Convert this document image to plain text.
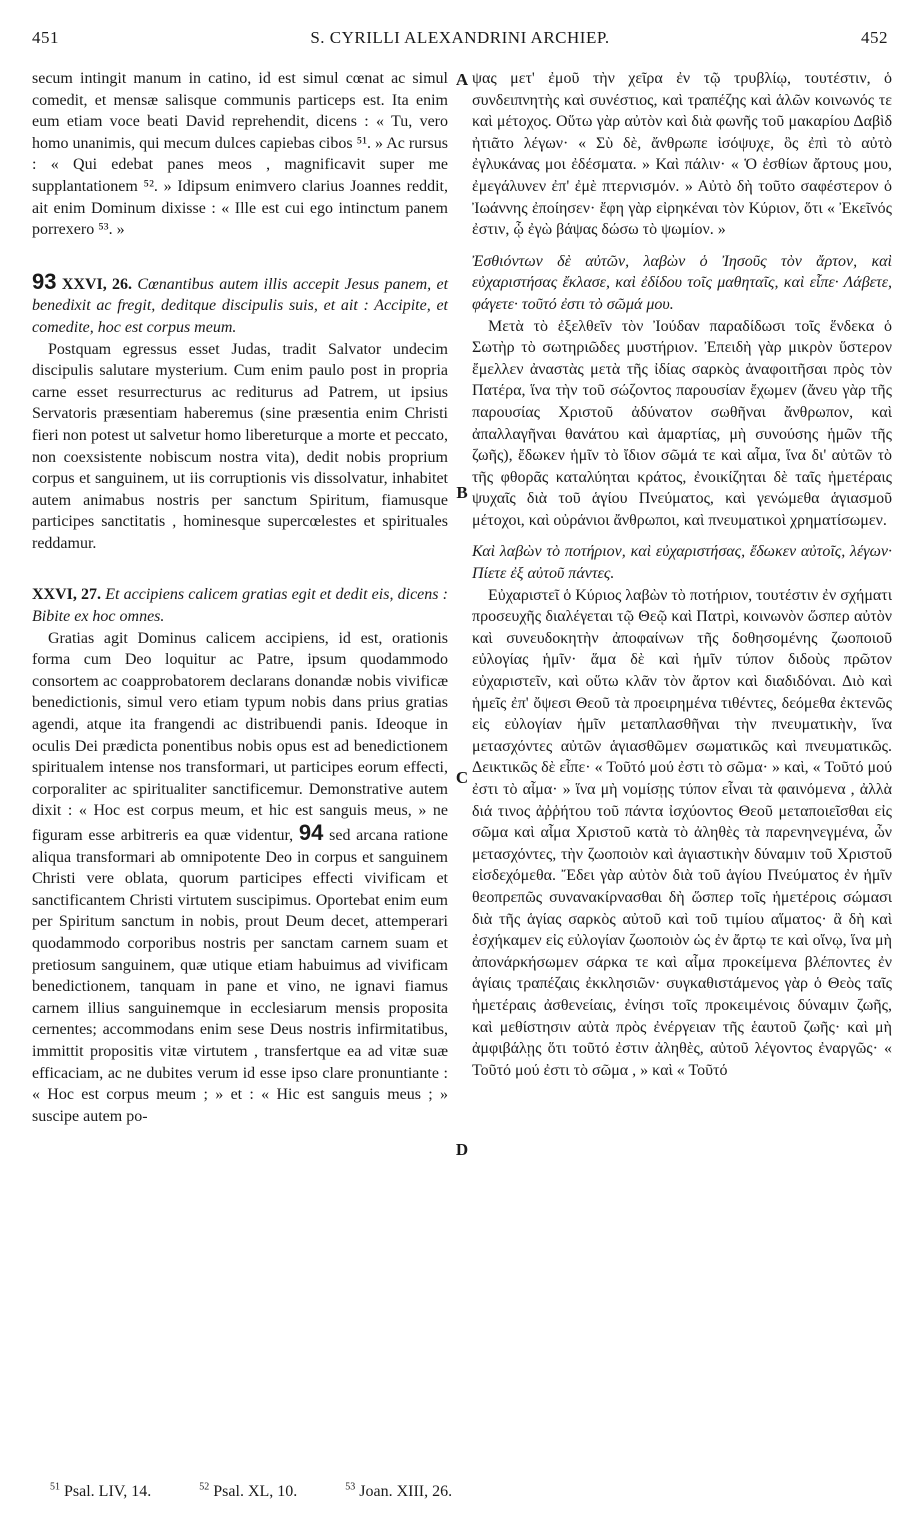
451	S. CYRILLI ALEXANDRINI ARCHIEP.	452

secum intingit manum in catino, id est simul cœnat ac simul comedit, et mensæ salisque communis particeps est. Ita enim eum etiam voce beati David reprehendit, dicens : « Tu, vero homo unanimis, qui mecum dulces capiebas cibos ⁵¹. » Ac rursus : « Qui edebat panes meos , magnificavit super me supplantationem ⁵². » Idipsum enimvero clarius Joannes reddit, ait enim Dominum dixisse : « Ille est cui ego intinctum panem porrexero ⁵³. »

93 XXVI, 26. Cœnantibus autem illis accepit Jesus panem, et benedixit ac fregit, deditque discipulis suis, et ait : Accipite, et comedite, hoc est corpus meum.

Postquam egressus esset Judas, tradit Salvator undecim discipulis salutare mysterium. Cum enim paulo post in propria carne esset resurrecturus ac rediturus ad Patrem, ut ipsius Servatoris præsentiam haberemus (sine præsentia enim Christi fieri non potest ut salvetur homo libereturque a morte et peccato, non coexsistente nobiscum nostra vita), dedit nobis proprium corpus et sanguinem, ut iis corruptionis vis dissolvatur, inhabitet autem animabus nostris per sanctum Spiritum, fiamusque participes sanctitatis , hominesque supercœlestes et spirituales reddamur.

XXVI, 27. Et accipiens calicem gratias egit et dedit eis, dicens : Bibite ex hoc omnes.

Gratias agit Dominus calicem accipiens, id est, orationis forma cum Deo loquitur ac Patre, ipsum quodammodo consortem ac coapprobatorem declarans donandæ nobis vivificæ benedictionis, simul vero etiam typum nobis dans prius gratias agendi, atque ita frangendi ac distribuendi panis. Ideoque in oculis Dei prædicta ponentibus nobis opus est ad benedictionem spiritualem intense nos transformari, ut participes eorum effecti, corporaliter ac spiritualiter sanctificemur. Demonstrative autem dixit : « Hoc est corpus meum, et hic est sanguis meus, » ne figuram esse arbitreris ea quæ videntur, 94 sed arcana ratione aliqua transformari ab omnipotente Deo in corpus et sanguinem Christi vere oblata, quorum participes effecti vivificam et sanctificantem Christi virtutem suscipimus. Oportebat enim eum per Spiritum sanctum in nobis, prout Deum decet, attemperari quodammodo corporibus nostris per sanctam carnem suam et pretiosum sanguinem, quæ utique etiam habuimus ad vivificam benedictionem, tanquam in pane et vino, ne ignavi fiamus carnem illius sanguinemque in ecclesiarum mensis proposita cernentes; accommodans enim sese Deus nostris infirmitatibus, immittit propositis vitæ virtutem , transfertque ea ad vitæ suæ efficaciam, ac ne dubites verum id esse ipso clare pronuntiante : « Hoc est corpus meum ; » et : « Hic est sanguis meus ; » suscipe autem po-

A
B
C
D

ψας μετ' ἐμοῦ τὴν χεῖρα ἐν τῷ τρυβλίῳ, τουτέστιν, ὁ συνδειπνητὴς καὶ συνέστιος, καὶ τραπέζης καὶ ἁλῶν κοινωνός τε καὶ μέτοχος. Οὕτω γὰρ αὐτὸν καὶ διὰ φωνῆς τοῦ μακαρίου Δαβὶδ ἠτιᾶτο λέγων· « Σὺ δὲ, ἄνθρωπε ἰσόψυχε, ὃς ἐπὶ τὸ αὐτὸ ἐγλυκάνας μοι ἐδέσματα. » Καὶ πάλιν· « Ὁ ἐσθίων ἄρτους μου, ἐμεγάλυνεν ἐπ' ἐμὲ πτερνισμόν. » Αὐτὸ δὴ τοῦτο σαφέστερον ὁ Ἰωάννης ἐποίησεν· ἔφη γὰρ εἰρηκέναι τὸν Κύριον, ὅτι « Ἐκεῖνός ἐστιν, ᾧ ἐγὼ βάψας δώσω τὸ ψωμίον. »

Ἐσθιόντων δὲ αὐτῶν, λαβὼν ὁ Ἰησοῦς τὸν ἄρτον, καὶ εὐχαριστήσας ἔκλασε, καὶ ἐδίδου τοῖς μαθηταῖς, καὶ εἶπε· Λάβετε, φάγετε· τοῦτό ἐστι τὸ σῶμά μου.

Μετὰ τὸ ἐξελθεῖν τὸν Ἰούδαν παραδίδωσι τοῖς ἕνδεκα ὁ Σωτὴρ τὸ σωτηριῶδες μυστήριον. Ἐπειδὴ γὰρ μικρὸν ὕστερον ἔμελλεν ἀναστὰς μετὰ τῆς ἰδίας σαρκὸς ἀναφοιτῆσαι πρὸς τὸν Πατέρα, ἵνα τὴν τοῦ σώζοντος παρουσίαν ἔχωμεν (ἄνευ γὰρ τῆς παρουσίας Χριστοῦ ἀδύνατον σωθῆναι ἄνθρωπον, καὶ ἀπαλλαγῆναι θανάτου καὶ ἁμαρτίας, μὴ συνούσης ἡμῶν τῆς ζωῆς), ἔδωκεν ἡμῖν τὸ ἴδιον σῶμά τε καὶ αἷμα, ἵνα δι' αὐτῶν τὸ τῆς φθορᾶς καταλύηται κράτος, ἐνοικίζηται δὲ ταῖς ἡμετέραις ψυχαῖς διὰ τοῦ ἁγίου Πνεύματος, καὶ γενώμεθα ἁγιασμοῦ μέτοχοι, καὶ οὐράνιοι ἄνθρωποι, καὶ πνευματικοὶ χρηματίσωμεν.

Καὶ λαβὼν τὸ ποτήριον, καὶ εὐχαριστήσας, ἔδωκεν αὐτοῖς, λέγων· Πίετε ἐξ αὐτοῦ πάντες.

Εὐχαριστεῖ ὁ Κύριος λαβὼν τὸ ποτήριον, τουτέστιν ἐν σχήματι προσευχῆς διαλέγεται τῷ Θεῷ καὶ Πατρὶ, κοινωνὸν ὥσπερ αὐτὸν καὶ συνευδοκητὴν ἀποφαίνων τῆς δοθησομένης ζωοποιοῦ εὐλογίας ἡμῖν· ἅμα δὲ καὶ ἡμῖν τύπον διδοὺς πρῶτον εὐχαριστεῖν, καὶ οὕτω κλᾶν τὸν ἄρτον καὶ διαδιδόναι. Διὸ καὶ ἡμεῖς ἐπ' ὄψεσι Θεοῦ τὰ προειρημένα τιθέντες, δεόμεθα ἐκτενῶς εἰς εὐλογίαν ἡμῖν μεταπλασθῆναι τὴν πνευματικὴν, ἵνα μετασχόντες αὐτῶν ἁγιασθῶμεν σωματικῶς καὶ πνευματικῶς. Δεικτικῶς δὲ εἶπε· « Τοῦτό μού ἐστι τὸ σῶμα· » καὶ, « Τοῦτό μού ἐστι τὸ αἷμα· » ἵνα μὴ νομίσῃς τύπον εἶναι τὰ φαινόμενα , ἀλλὰ διά τινος ἀῤῥήτου τοῦ πάντα ἰσχύοντος Θεοῦ μεταποιεῖσθαι εἰς σῶμα καὶ αἷμα Χριστοῦ κατὰ τὸ ἀληθὲς τὰ παρενηνεγμένα, ὧν μετασχόντες, τὴν ζωοποιὸν καὶ ἁγιαστικὴν δύναμιν τοῦ Χριστοῦ εἰσδεχόμεθα. Ἔδει γὰρ αὐτὸν διὰ τοῦ ἁγίου Πνεύματος ἐν ἡμῖν θεοπρεπῶς συνανακίρνασθαι δὴ ὥσπερ τοῖς ἡμετέροις σώμασι διὰ τῆς ἁγίας σαρκὸς αὐτοῦ καὶ τοῦ τιμίου αἵματος· ἃ δὴ καὶ ἐσχήκαμεν εἰς εὐλογίαν ζωοποιὸν ὡς ἐν ἄρτῳ τε καὶ οἴνῳ, ἵνα μὴ ἀπονάρκήσωμεν σάρκα τε καὶ αἷμα προκείμενα βλέποντες ἐν ἁγίαις τραπέζαις ἐκκλησιῶν· συγκαθιστάμενος γὰρ ὁ Θεὸς ταῖς ἡμετέραις ἀσθενείαις, ἐνίησι τοῖς προκειμένοις δύναμιν ζωῆς, καὶ μεθίστησιν αὐτὰ πρὸς ἐνέργειαν τῆς ἑαυτοῦ ζωῆς· καὶ μὴ ἀμφιβάλῃς ὅτι τοῦτό ἐστιν ἀληθὲς, αὐτοῦ λέγοντος ἐναργῶς· « Τοῦτό μού ἐστι τὸ σῶμα , » καὶ « Τοῦτό

$^{51}$ Psal. LIV, 14.	$^{52}$ Psal. XL, 10.	$^{53}$ Joan. XIII, 26.
